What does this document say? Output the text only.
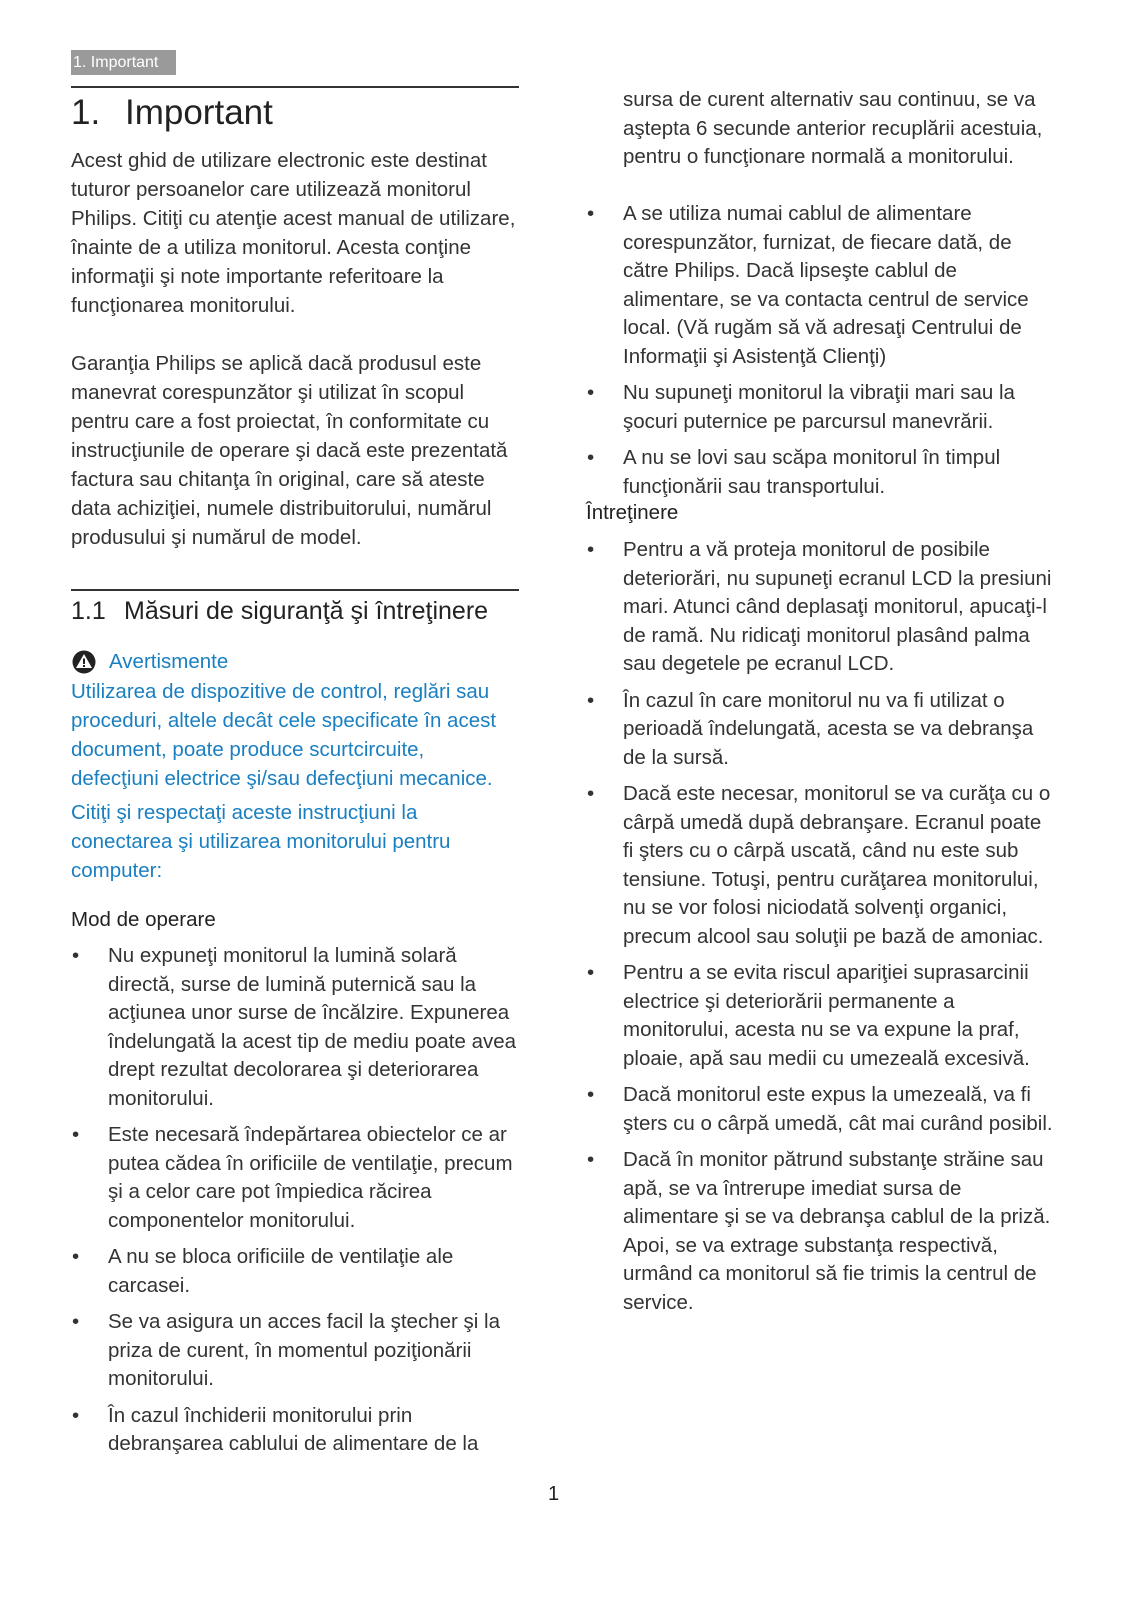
1. Important
1. Important

Acest ghid de utilizare electronic este destinat tuturor persoanelor care utilizează monitorul Philips. Citiţi cu atenţie acest manual de utilizare, înainte de a utiliza monitorul. Acesta conţine informaţii şi note importante referitoare la funcţionarea monitorului.

Garanţia Philips se aplică dacă produsul este manevrat corespunzător şi utilizat în scopul pentru care a fost proiectat, în conformitate cu instrucţiunile de operare şi dacă este prezentată factura sau chitanţa în original, care să ateste data achiziţiei, numele distribuitorului, numărul produsului şi numărul de model.

1.1 Măsuri de siguranţă şi întreţinere
Avertismente

Utilizarea de dispozitive de control, reglări sau proceduri, altele decât cele specificate în acest document, poate produce scurtcircuite, defecţiuni electrice şi/sau defecţiuni mecanice.

Citiţi şi respectaţi aceste instrucţiuni la conectarea şi utilizarea monitorului pentru computer:

Mod de operare
• Nu expuneţi monitorul la lumină solară directă, surse de lumină puternică sau la acţiunea unor surse de încălzire. Expunerea îndelungată la acest tip de mediu poate avea drept rezultat decolorarea şi deteriorarea monitorului.
• Este necesară îndepărtarea obiectelor ce ar putea cădea în orificiile de ventilaţie, precum şi a celor care pot împiedica răcirea componentelor monitorului.
• A nu se bloca orificiile de ventilaţie ale carcasei.
• Se va asigura un acces facil la ştecher şi la priza de curent, în momentul poziţionării monitorului.
• În cazul închiderii monitorului prin debranşarea cablului de alimentare de la

sursa de curent alternativ sau continuu, se va aştepta 6 secunde anterior recuplării acestuia, pentru o funcţionare normală a monitorului.

• A se utiliza numai cablul de alimentare corespunzător, furnizat, de fiecare dată, de către Philips. Dacă lipseşte cablul de alimentare, se va contacta centrul de service local. (Vă rugăm să vă adresaţi Centrului de Informaţii şi Asistenţă Clienţi)
• Nu supuneţi monitorul la vibraţii mari sau la şocuri puternice pe parcursul manevrării.
• A nu se lovi sau scăpa monitorul în timpul funcţionării sau transportului.
Întreţinere
• Pentru a vă proteja monitorul de posibile deteriorări, nu supuneţi ecranul LCD la presiuni mari. Atunci când deplasaţi monitorul, apucaţi-l de ramă. Nu ridicaţi monitorul plasând palma sau degetele pe ecranul LCD.
• În cazul în care monitorul nu va fi utilizat o perioadă îndelungată, acesta se va debranşa de la sursă.
• Dacă este necesar, monitorul se va curăţa cu o cârpă umedă după debranşare. Ecranul poate fi şters cu o cârpă uscată, când nu este sub tensiune. Totuşi, pentru curăţarea monitorului, nu se vor folosi niciodată solvenţi organici, precum alcool sau soluţii pe bază de amoniac.
• Pentru a se evita riscul apariţiei suprasarcinii electrice şi deteriorării permanente a monitorului, acesta nu se va expune la praf, ploaie, apă sau medii cu umezeală excesivă.
• Dacă monitorul este expus la umezeală, va fi şters cu o cârpă umedă, cât mai curând posibil.
• Dacă în monitor pătrund substanţe străine sau apă, se va întrerupe imediat sursa de alimentare şi se va debranşa cablul de la priză. Apoi, se va extrage substanţa respectivă, urmând ca monitorul să fie trimis la centrul de service.
1
